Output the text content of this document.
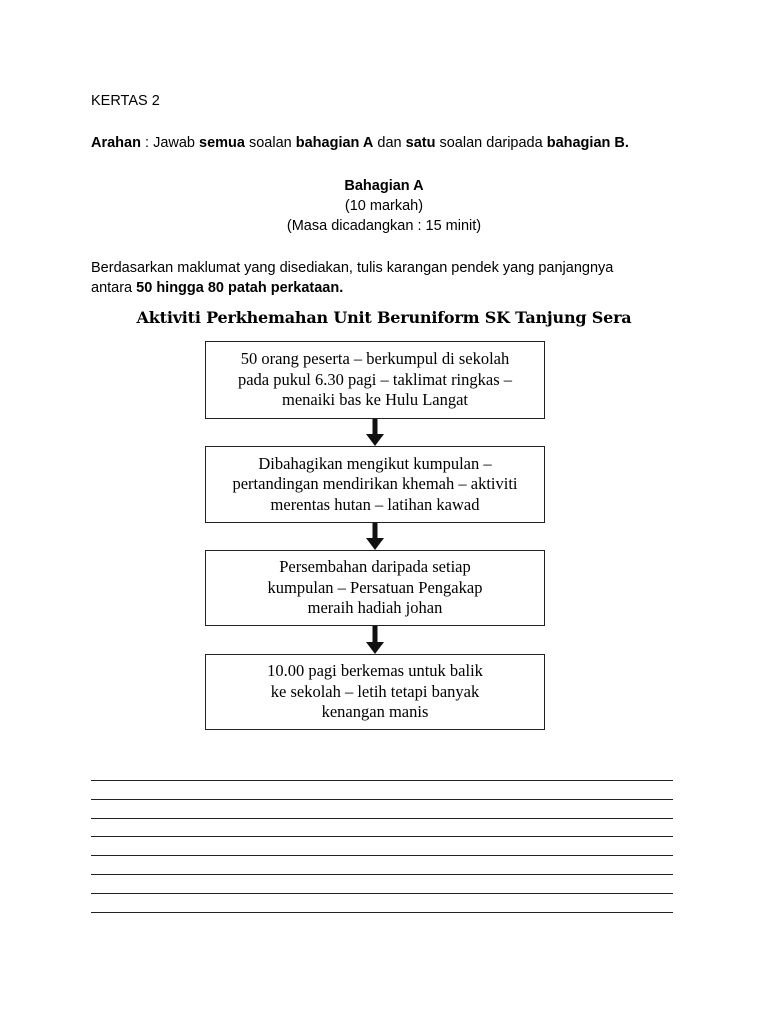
KERTAS 2
Arahan : Jawab semua soalan bahagian A dan satu soalan daripada bahagian B.
Bahagian A
(10 markah)
(Masa dicadangkan : 15 minit)
Berdasarkan maklumat yang disediakan, tulis karangan pendek yang panjangnya
antara 50 hingga 80 patah perkataan.
Aktiviti Perkhemahan Unit Beruniform SK Tanjung Sera
50 orang peserta – berkumpul di sekolah
pada pukul 6.30 pagi – taklimat ringkas –
menaiki bas ke Hulu Langat
Dibahagikan mengikut kumpulan –
pertandingan mendirikan khemah – aktiviti
merentas hutan – latihan kawad
Persembahan daripada setiap
kumpulan – Persatuan Pengakap
meraih hadiah johan
10.00 pagi berkemas untuk balik
ke sekolah – letih tetapi banyak
kenangan manis
